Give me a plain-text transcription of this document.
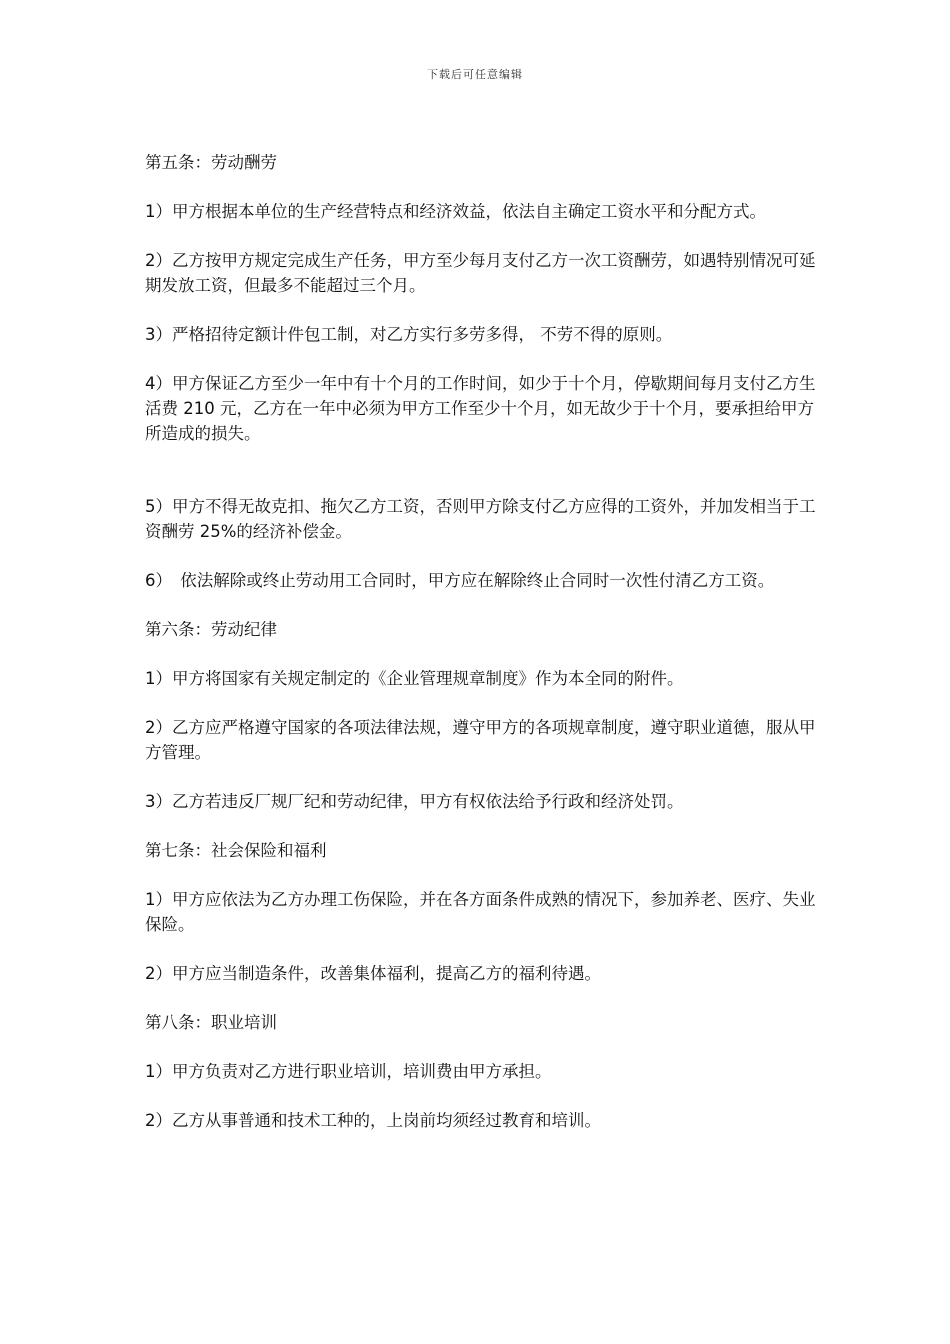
下载后可任意编辑
第五条：劳动酬劳
1）甲方根据本单位的生产经营特点和经济效益，依法自主确定工资水平和分配方式。
2）乙方按甲方规定完成生产任务，甲方至少每月支付乙方一次工资酬劳，如遇特别情况可延期发放工资，但最多不能超过三个月。
3）严格招待定额计件包工制，对乙方实行多劳多得， 不劳不得的原则。
4）甲方保证乙方至少一年中有十个月的工作时间，如少于十个月，停歇期间每月支付乙方生活费 210 元，乙方在一年中必须为甲方工作至少十个月，如无故少于十个月，要承担给甲方所造成的损失。
5）甲方不得无故克扣、拖欠乙方工资，否则甲方除支付乙方应得的工资外，并加发相当于工资酬劳 25%的经济补偿金。
6）　依法解除或终止劳动用工合同时，甲方应在解除终止合同时一次性付清乙方工资。
第六条：劳动纪律
1）甲方将国家有关规定制定的《企业管理规章制度》作为本全同的附件。
2）乙方应严格遵守国家的各项法律法规，遵守甲方的各项规章制度，遵守职业道德，服从甲方管理。
3）乙方若违反厂规厂纪和劳动纪律，甲方有权依法给予行政和经济处罚。
第七条：社会保险和福利
1）甲方应依法为乙方办理工伤保险，并在各方面条件成熟的情况下，参加养老、医疗、失业保险。
2）甲方应当制造条件，改善集体福利，提高乙方的福利待遇。
第八条：职业培训
1）甲方负责对乙方进行职业培训，培训费由甲方承担。
2）乙方从事普通和技术工种的，上岗前均须经过教育和培训。
